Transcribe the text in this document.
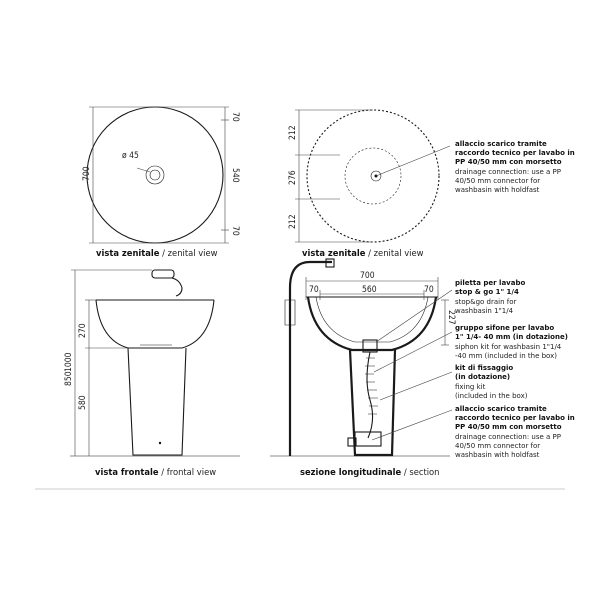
ø 45
700
70
540
70
vista zenitale / zenital view
212
276
212
vista zenitale / zenital view
allaccio scarico tramite
raccordo tecnico per lavabo in
PP 40/50 mm con morsetto
drainage connection: use a PP
40/50 mm connector for
washbasin with holdfast
1000
270
850
580
vista frontale / frontal view
700
560
70	70
227
sezione longitudinale / section
piletta per lavabo
stop & go 1" 1/4
stop&go drain for
washbasin 1"1/4
gruppo sifone per lavabo
1" 1/4- 40 mm (in dotazione)
siphon kit for washbasin 1"1/4
-40 mm (included in the box)
kit di fissaggio
(in dotazione)
fixing kit
(included in the box)
allaccio scarico tramite
raccordo tecnico per lavabo in
PP 40/50 mm con morsetto
drainage connection: use a PP
40/50 mm connector for
washbasin with holdfast
